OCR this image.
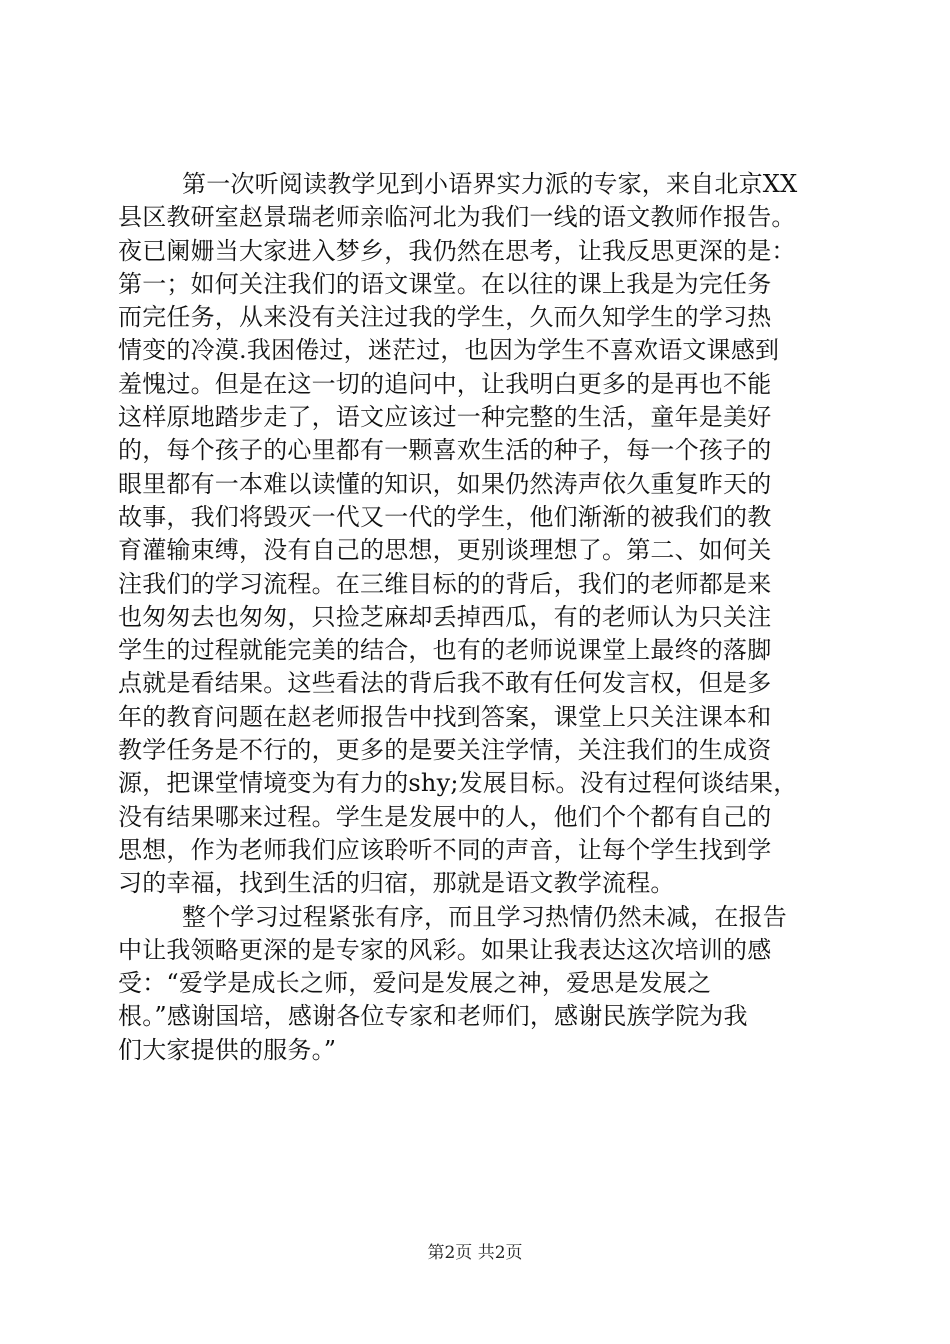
第一次听阅读教学见到小语界实力派的专家，来自北京XX
县区教研室赵景瑞老师亲临河北为我们一线的语文教师作报告。
夜已阑姗当大家进入梦乡，我仍然在思考，让我反思更深的是：
第一；如何关注我们的语文课堂。在以往的课上我是为完任务
而完任务，从来没有关注过我的学生，久而久知学生的学习热
情变的冷漠.我困倦过，迷茫过，也因为学生不喜欢语文课感到
羞愧过。但是在这一切的追问中，让我明白更多的是再也不能
这样原地踏步走了，语文应该过一种完整的生活，童年是美好
的，每个孩子的心里都有一颗喜欢生活的种子，每一个孩子的
眼里都有一本难以读懂的知识，如果仍然涛声依久重复昨天的
故事，我们将毁灭一代又一代的学生，他们渐渐的被我们的教
育灌输束缚，没有自己的思想，更别谈理想了。第二、如何关
注我们的学习流程。在三维目标的的背后，我们的老师都是来
也匆匆去也匆匆，只捡芝麻却丢掉西瓜，有的老师认为只关注
学生的过程就能完美的结合，也有的老师说课堂上最终的落脚
点就是看结果。这些看法的背后我不敢有任何发言权，但是多
年的教育问题在赵老师报告中找到答案，课堂上只关注课本和
教学任务是不行的，更多的是要关注学情，关注我们的生成资
源，把课堂情境变为有力的shy;发展目标。没有过程何谈结果，
没有结果哪来过程。学生是发展中的人，他们个个都有自己的
思想，作为老师我们应该聆听不同的声音，让每个学生找到学
习的幸福，找到生活的归宿，那就是语文教学流程。
整个学习过程紧张有序，而且学习热情仍然未减，在报告
中让我领略更深的是专家的风彩。如果让我表达这次培训的感
受：“爱学是成长之师，爱问是发展之神，爱思是发展之
根。”感谢国培，感谢各位专家和老师们，感谢民族学院为我
们大家提供的服务。”
第2页 共2页
